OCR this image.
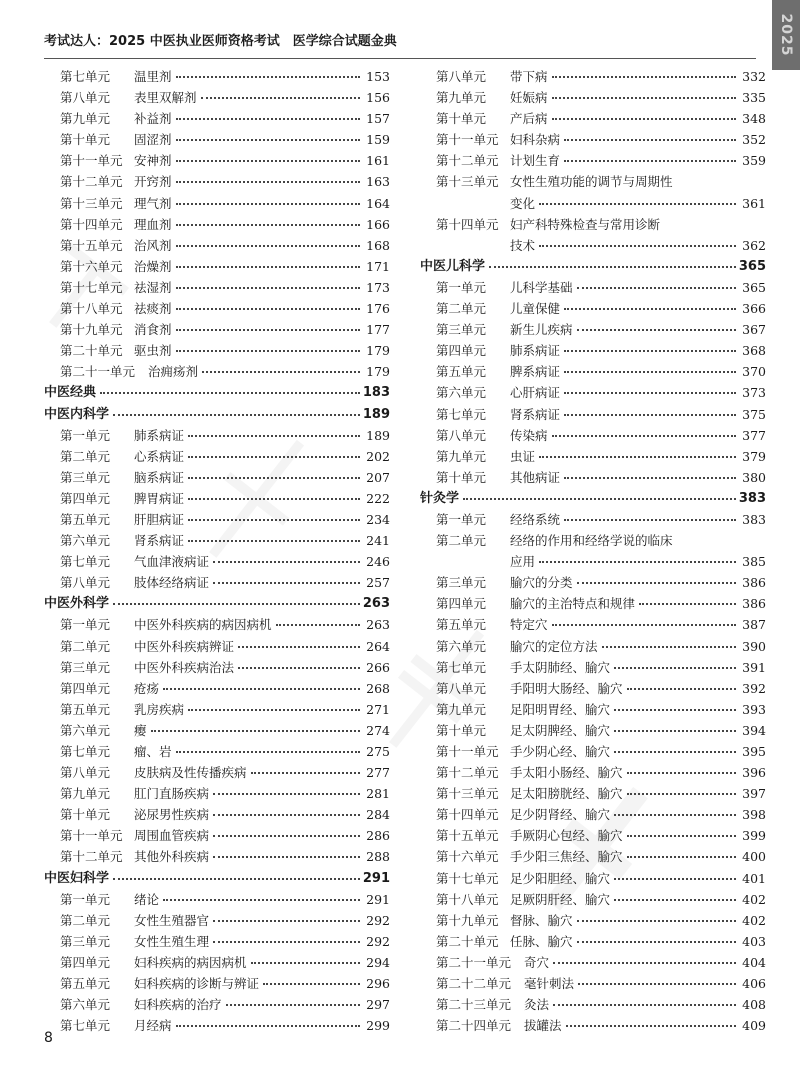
考试达人：2025 中医执业医师资格考试　医学综合试题金典	2025
第七单元 温里剂	153
第八单元 表里双解剂	156
第九单元 补益剂	157
第十单元 固涩剂	159
第十一单元 安神剂	161
第十二单元 开窍剂	163
第十三单元 理气剂	164
第十四单元 理血剂	166
第十五单元 治风剂	168
第十六单元 治燥剂	171
第十七单元 祛湿剂	173
第十八单元 祛痰剂	176
第十九单元 消食剂	177
第二十单元 驱虫剂	179
第二十一单元 治痈疡剂	179
中医经典	183
中医内科学	189
第一单元 肺系病证	189
第二单元 心系病证	202
第三单元 脑系病证	207
第四单元 脾胃病证	222
第五单元 肝胆病证	234
第六单元 肾系病证	241
第七单元 气血津液病证	246
第八单元 肢体经络病证	257
中医外科学	263
第一单元 中医外科疾病的病因病机	263
第二单元 中医外科疾病辨证	264
第三单元 中医外科疾病治法	266
第四单元 疮疡	268
第五单元 乳房疾病	271
第六单元 瘿	274
第七单元 瘤、岩	275
第八单元 皮肤病及性传播疾病	277
第九单元 肛门直肠疾病	281
第十单元 泌尿男性疾病	284
第十一单元 周围血管疾病	286
第十二单元 其他外科疾病	288
中医妇科学	291
第一单元 绪论	291
第二单元 女性生殖器官	292
第三单元 女性生殖生理	292
第四单元 妇科疾病的病因病机	294
第五单元 妇科疾病的诊断与辨证	296
第六单元 妇科疾病的治疗	297
第七单元 月经病	299
第八单元 带下病	332
第九单元 妊娠病	335
第十单元 产后病	348
第十一单元 妇科杂病	352
第十二单元 计划生育	359
第十三单元 女性生殖功能的调节与周期性
变化	361
第十四单元 妇产科特殊检查与常用诊断
技术	362
中医儿科学	365
第一单元 儿科学基础	365
第二单元 儿童保健	366
第三单元 新生儿疾病	367
第四单元 肺系病证	368
第五单元 脾系病证	370
第六单元 心肝病证	373
第七单元 肾系病证	375
第八单元 传染病	377
第九单元 虫证	379
第十单元 其他病证	380
针灸学	383
第一单元 经络系统	383
第二单元 经络的作用和经络学说的临床
应用	385
第三单元 腧穴的分类	386
第四单元 腧穴的主治特点和规律	386
第五单元 特定穴	387
第六单元 腧穴的定位方法	390
第七单元 手太阴肺经、腧穴	391
第八单元 手阳明大肠经、腧穴	392
第九单元 足阳明胃经、腧穴	393
第十单元 足太阴脾经、腧穴	394
第十一单元 手少阴心经、腧穴	395
第十二单元 手太阳小肠经、腧穴	396
第十三单元 足太阳膀胱经、腧穴	397
第十四单元 足少阴肾经、腧穴	398
第十五单元 手厥阴心包经、腧穴	399
第十六单元 手少阳三焦经、腧穴	400
第十七单元 足少阳胆经、腧穴	401
第十八单元 足厥阴肝经、腧穴	402
第十九单元 督脉、腧穴	402
第二十单元 任脉、腧穴	403
第二十一单元 奇穴	404
第二十二单元 毫针刺法	406
第二十三单元 灸法	408
第二十四单元 拔罐法	409
8
